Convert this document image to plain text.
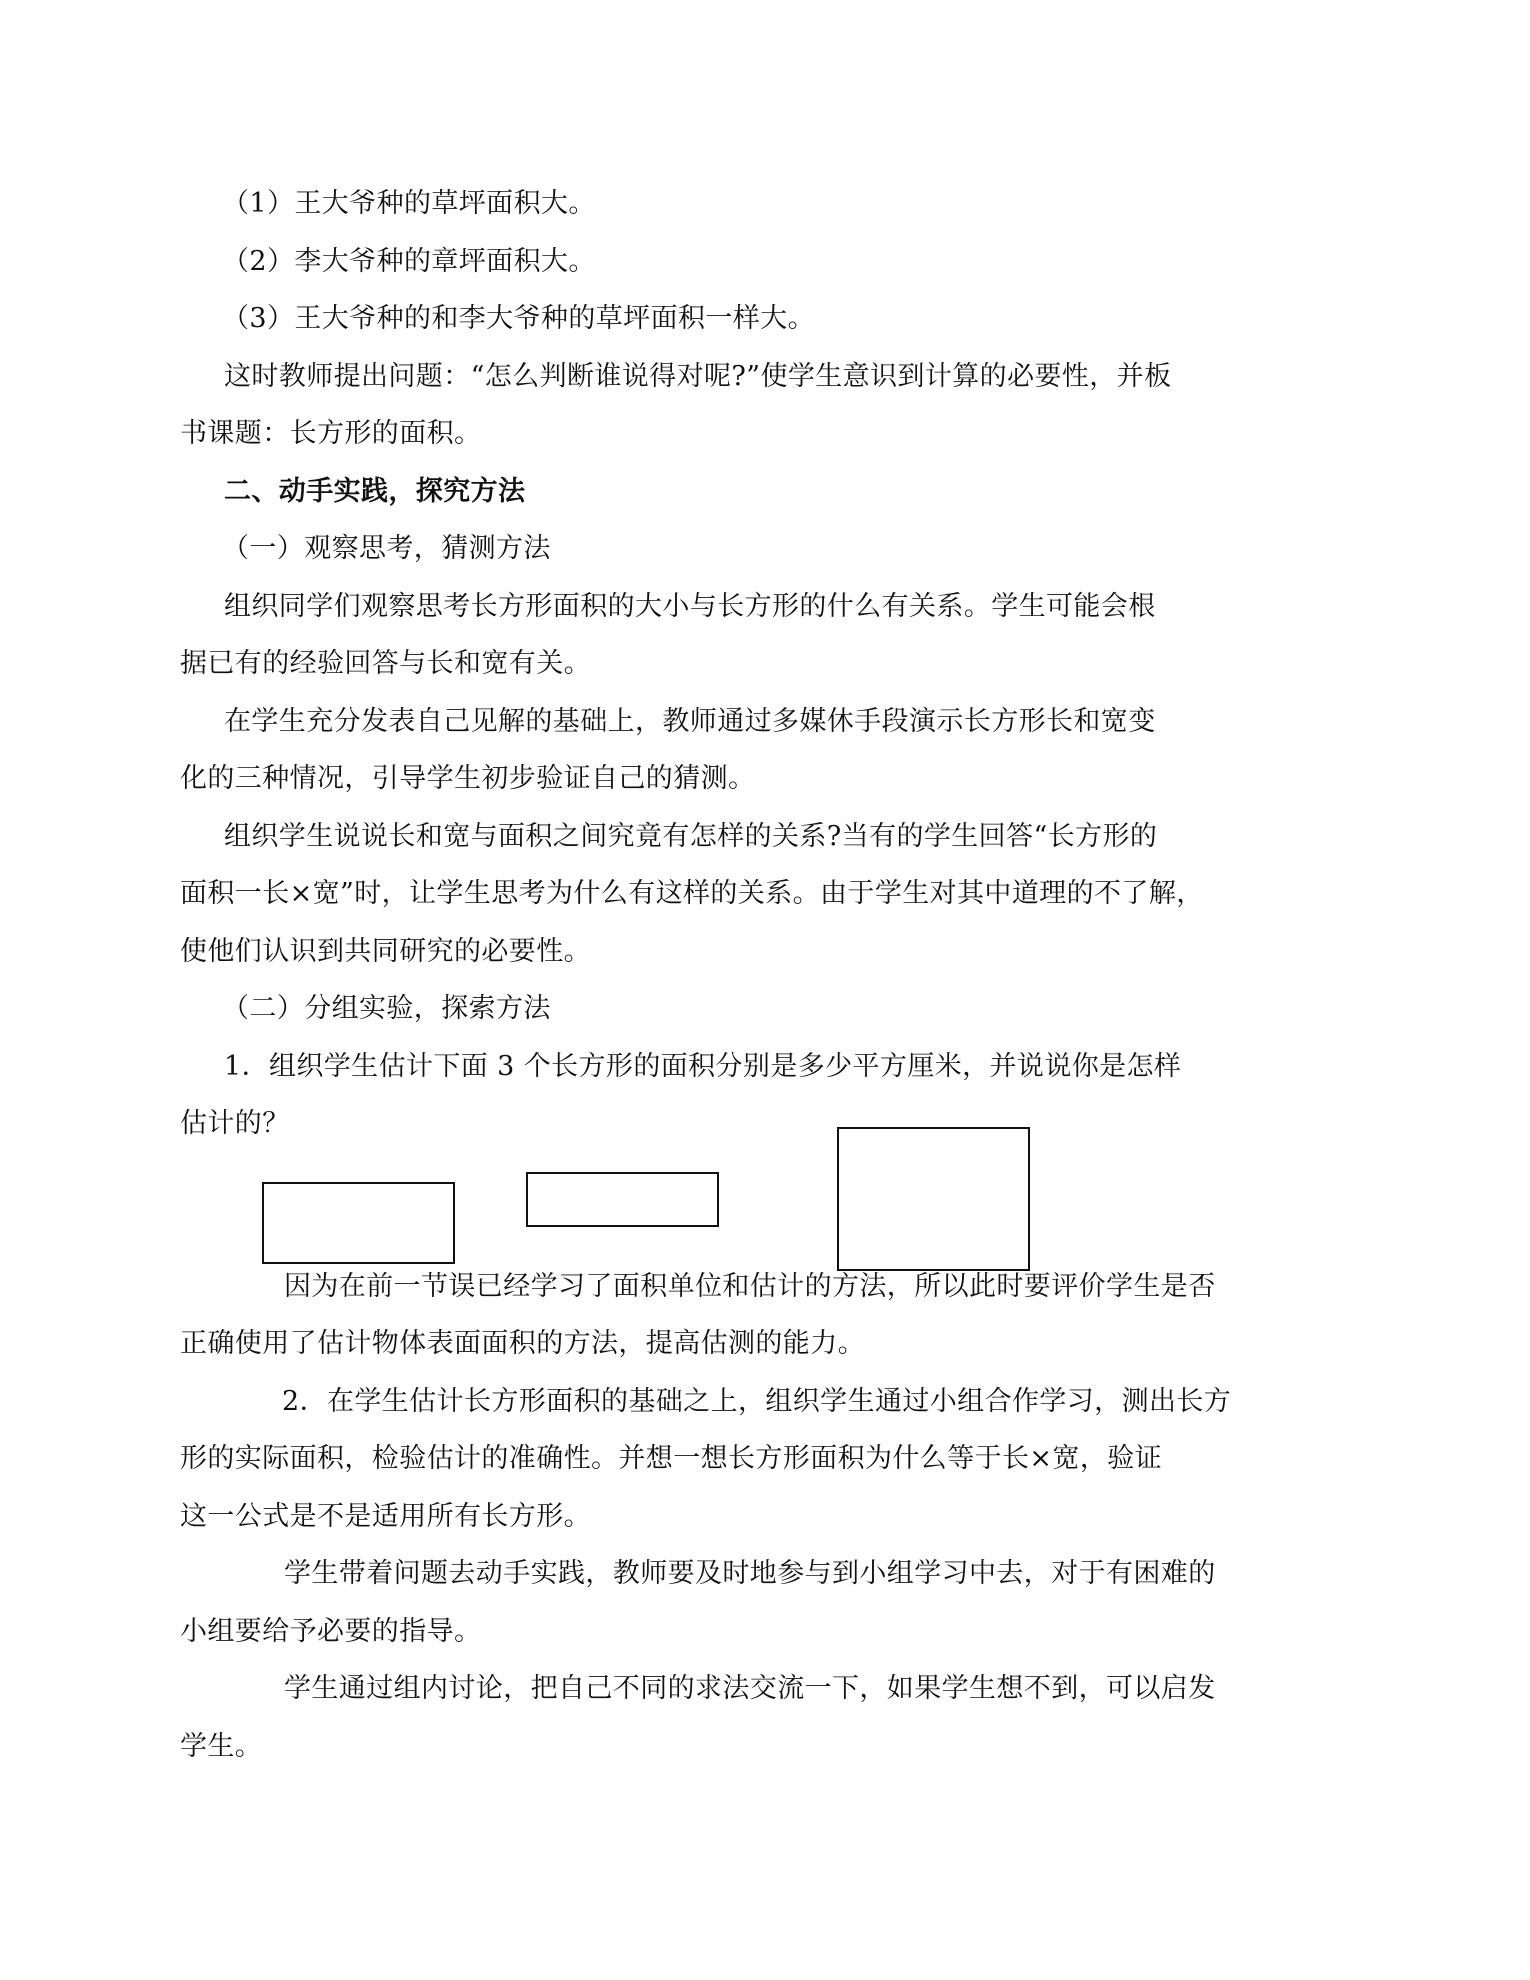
（1）王大爷种的草坪面积大。
（2）李大爷种的章坪面积大。
（3）王大爷种的和李大爷种的草坪面积一样大。
这时教师提出问题：“怎么判断谁说得对呢?”使学生意识到计算的必要性，并板
书课题：长方形的面积。
二、动手实践，探究方法
（一）观察思考，猜测方法
组织同学们观察思考长方形面积的大小与长方形的什么有关系。学生可能会根
据已有的经验回答与长和宽有关。
在学生充分发表自己见解的基础上，教师通过多媒休手段演示长方形长和宽变
化的三种情况，引导学生初步验证自己的猜测。
组织学生说说长和宽与面积之间究竟有怎样的关系?当有的学生回答“长方形的
面积一长×宽”时，让学生思考为什么有这样的关系。由于学生对其中道理的不了解，
使他们认识到共同研究的必要性。
（二）分组实验，探索方法
1．组织学生估计下面 3 个长方形的面积分别是多少平方厘米，并说说你是怎样
估计的？
因为在前一节误已经学习了面积单位和估计的方法，所以此时要评价学生是否
正确使用了估计物体表面面积的方法，提高估测的能力。
2．在学生估计长方形面积的基础之上，组织学生通过小组合作学习，测出长方
形的实际面积，检验估计的准确性。并想一想长方形面积为什么等于长×宽，验证
这一公式是不是适用所有长方形。
学生带着问题去动手实践，教师要及时地参与到小组学习中去，对于有困难的
小组要给予必要的指导。
学生通过组内讨论，把自己不同的求法交流一下，如果学生想不到，可以启发
学生。
